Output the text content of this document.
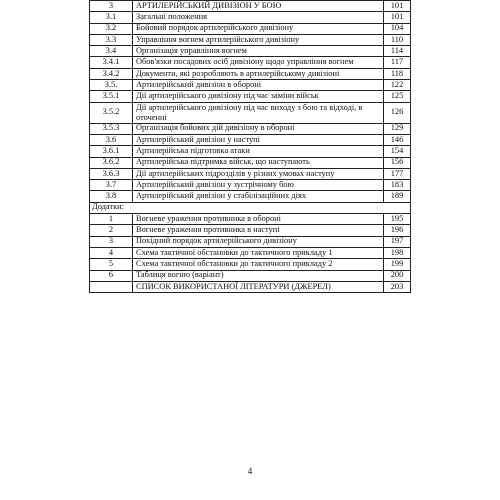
3	АРТИЛЕРІЙСЬКИЙ ДИВІЗІОН У БОЮ	101
3.1	Загальні положення	101
3.2	Бойовий порядок артилерійського дивізіону	104
3.3	Управління вогнем артилерійського дивізіону	110
3.4	Організація управління вогнем	114
3.4.1	Обов'язки посадових осіб дивізіону щодо управління вогнем	117
3.4.2	Документи, які розробляють в артилерійському дивізіоні	118
3.5.	Артилерійський дивізіон в обороні	122
3.5.1	Дії артилерійського дивізіону під час заміни військ	125
3.5.2	Дії артилерійського дивізіону під час виходу з бою та відході, в оточенні	126
3.5.3	Організація бойових дій дивізіону в обороні	129
3.6	Артилерійський дивізіон у наступі	146
3.6.1	Артилерійська підготовка атаки	154
3.6.2	Артилерійська підтримка військ, що наступають	156
3.6.3	Дії артилерійських підрозділів у різних умовах наступу	177
3.7	Артилерійський дивізіон у зустрічному бою	183
3.8	Артилерійський дивізіон у стабілізаційних діях	189
Додатки:		
1	Вогневе ураження противника в обороні	195
2	Вогневе ураження противника в наступі	196
3	Похідний порядок артилерійського дивізіону	197
4	Схема тактичної обстановки до тактичного прикладу 1	198
5	Схема тактичної обстановки до тактичного прикладу 2	199
6	Таблиця вогню (варіант)	200
	СПИСОК ВИКОРИСТАНОЇ ЛІТЕРАТУРИ (ДЖЕРЕЛ)	203
4
